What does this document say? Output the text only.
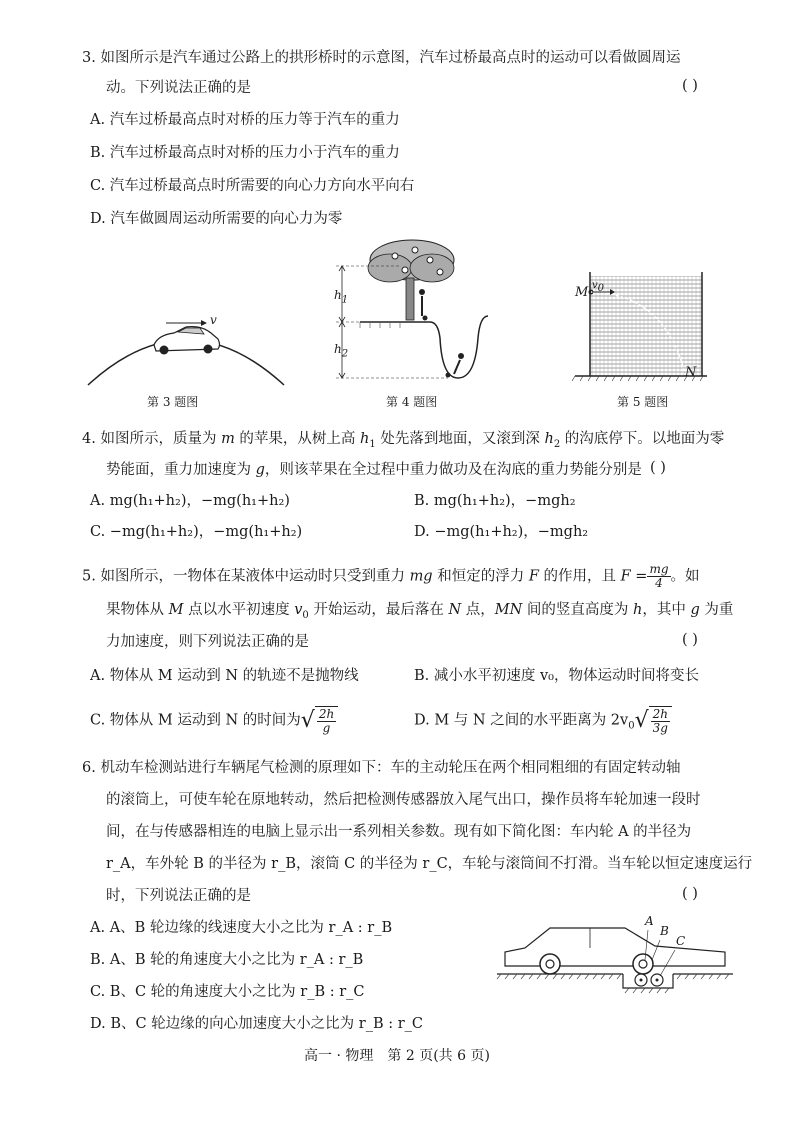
3. 如图所示是汽车通过公路上的拱形桥时的示意图，汽车过桥最高点时的运动可以看做圆周运
动。下列说法正确的是	( )
A. 汽车过桥最高点时对桥的压力等于汽车的重力
B. 汽车过桥最高点时对桥的压力小于汽车的重力
C. 汽车过桥最高点时所需要的向心力方向水平向右
D. 汽车做圆周运动所需要的向心力为零
v
第 3 题图
$h_1$
$h_2$
第 4 题图
M $v_0$
N
第 5 题图
4. 如图所示，质量为 m 的苹果，从树上高 $h_1$ 处先落到地面，又滚到深 $h_2$ 的沟底停下。以地面为零
势能面，重力加速度为 g，则该苹果在全过程中重力做功及在沟底的重力势能分别是 ( )
A. mg(h₁+h₂)，−mg(h₁+h₂)	B. mg(h₁+h₂)，−mgh₂
C. −mg(h₁+h₂)，−mg(h₁+h₂)	D. −mg(h₁+h₂)，−mgh₂
5. 如图所示，一物体在某液体中运动时只受到重力 mg 和恒定的浮力 F 的作用，且 $F = \frac{mg}{4}$ 。如
果物体从 M 点以水平初速度 $v_0$ 开始运动，最后落在 N 点，MN 间的竖直高度为 h，其中 g 为重
力加速度，则下列说法正确的是	( )
A. 物体从 M 运动到 N 的轨迹不是抛物线	B. 减小水平初速度 v₀，物体运动时间将变长
C. 物体从 M 运动到 N 的时间为 √ $\frac{2h}{g}$	D. M 与 N 之间的水平距离为 $2v_0$ √ $\frac{2h}{3g}$
6. 机动车检测站进行车辆尾气检测的原理如下：车的主动轮压在两个相同粗细的有固定转动轴
的滚筒上，可使车轮在原地转动，然后把检测传感器放入尾气出口，操作员将车轮加速一段时
间，在与传感器相连的电脑上显示出一系列相关参数。现有如下简化图：车内轮 A 的半径为
r_A，车外轮 B 的半径为 r_B，滚筒 C 的半径为 r_C，车轮与滚筒间不打滑。当车轮以恒定速度运行
时，下列说法正确的是	( )
A. A、B 轮边缘的线速度大小之比为 r_A : r_B
B. A、B 轮的角速度大小之比为 r_A : r_B
C. B、C 轮的角速度大小之比为 r_B : r_C
D. B、C 轮边缘的向心加速度大小之比为 r_B : r_C
A
B
C
高一 · 物理　第 2 页(共 6 页)
